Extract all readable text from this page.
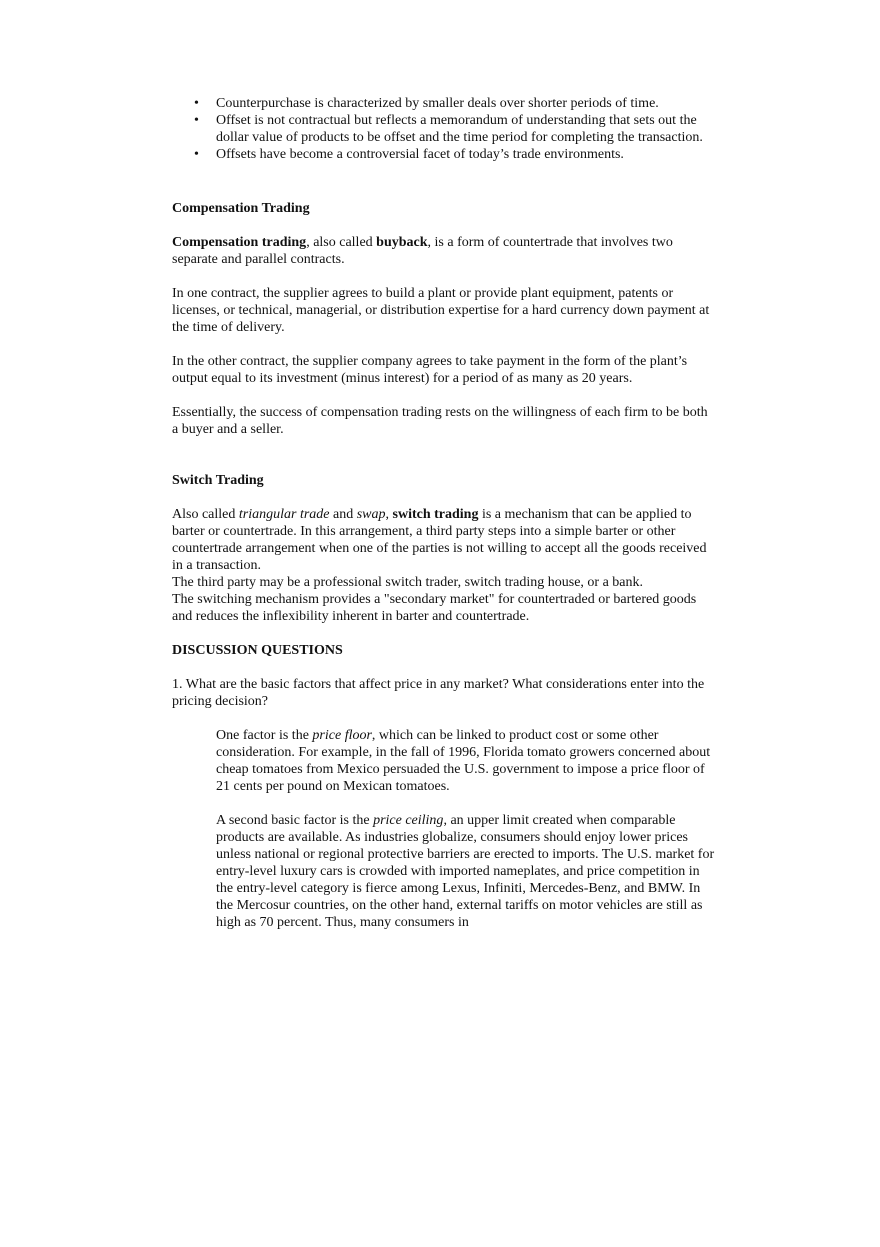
• Counterpurchase is characterized by smaller deals over shorter periods of time.
• Offset is not contractual but reflects a memorandum of understanding that sets out the dollar value of products to be offset and the time period for completing the transaction.
• Offsets have become a controversial facet of today’s trade environments.
Compensation Trading

Compensation trading, also called buyback, is a form of countertrade that involves two separate and parallel contracts.

In one contract, the supplier agrees to build a plant or provide plant equipment, patents or licenses, or technical, managerial, or distribution expertise for a hard currency down payment at the time of delivery.

In the other contract, the supplier company agrees to take payment in the form of the plant’s output equal to its investment (minus interest) for a period of as many as 20 years.

Essentially, the success of compensation trading rests on the willingness of each firm to be both a buyer and a seller.

Switch Trading

Also called triangular trade and swap, switch trading is a mechanism that can be applied to barter or countertrade. In this arrangement, a third party steps into a simple barter or other countertrade arrangement when one of the parties is not willing to accept all the goods received in a transaction.

The third party may be a professional switch trader, switch trading house, or a bank.

The switching mechanism provides a "secondary market" for countertraded or bartered goods and reduces the inflexibility inherent in barter and countertrade.

DISCUSSION QUESTIONS

1. What are the basic factors that affect price in any market? What considerations enter into the pricing decision?

One factor is the price floor, which can be linked to product cost or some other consideration. For example, in the fall of 1996, Florida tomato growers concerned about cheap tomatoes from Mexico persuaded the U.S. government to impose a price floor of 21 cents per pound on Mexican tomatoes.

A second basic factor is the price ceiling, an upper limit created when comparable products are available. As industries globalize, consumers should enjoy lower prices unless national or regional protective barriers are erected to imports. The U.S. market for entry-level luxury cars is crowded with imported nameplates, and price competition in the entry-level category is fierce among Lexus, Infiniti, Mercedes-Benz, and BMW. In the Mercosur countries, on the other hand, external tariffs on motor vehicles are still as high as 70 percent. Thus, many consumers in
